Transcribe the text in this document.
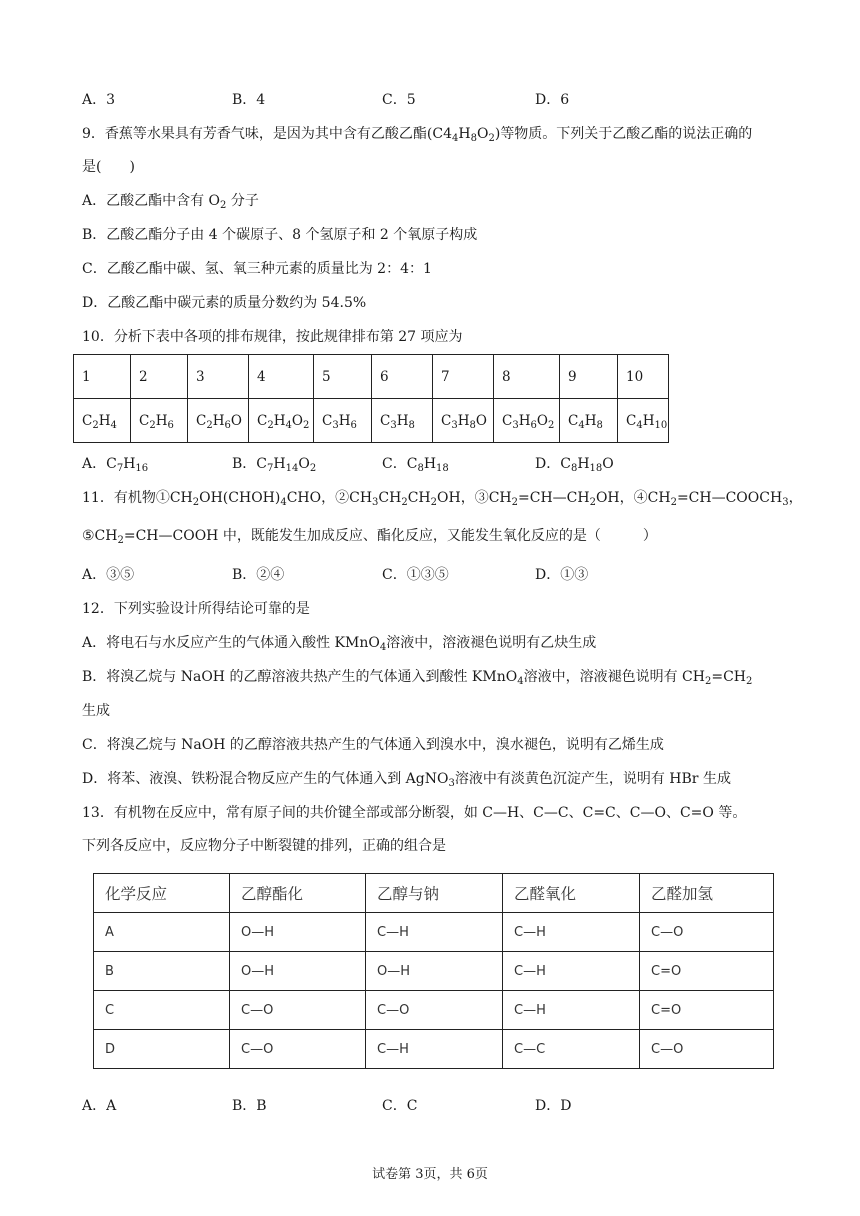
A．3	B．4	C．5	D．6
9．香蕉等水果具有芳香气味，是因为其中含有乙酸乙酯$(C4_4H_8O_2)$等物质。下列关于乙酸乙酯的说法正确的
是(　　)
A．乙酸乙酯中含有 $O_2$ 分子
B．乙酸乙酯分子由 4 个碳原子、8 个氢原子和 2 个氧原子构成
C．乙酸乙酯中碳、氢、氧三种元素的质量比为 2：4：1
D．乙酸乙酯中碳元素的质量分数约为 54.5%
10．分析下表中各项的排布规律，按此规律排布第 27 项应为
1	2	3	4	5	6	7	8	9	10
$C_2H_4$	$C_2H_6$	$C_2H_6O$	$C_2H_4O_2$	$C_3H_6$	$C_3H_8$	$C_3H_8O$	$C_3H_6O_2$	$C_4H_8$	$C_4H_{10}$
A．$C_7H_{16}$	B．$C_7H_{14}O_2$	C．$C_8H_{18}$	D．$C_8H_{18}O$
11．有机物$①CH_2OH(CHOH)_4CHO$，$②CH_3CH_2CH_2OH$，$③CH_2=CH—CH_2OH$，$④CH_2=CH—COOCH_3$，
$⑤CH_2=CH—COOH$ 中，既能发生加成反应、酯化反应，又能发生氧化反应的是（　　　）
A．③⑤	B．②④	C．①③⑤	D．①③
12．下列实验设计所得结论可靠的是
A．将电石与水反应产生的气体通入酸性 KMnO$_4$溶液中，溶液褪色说明有乙炔生成
B．将溴乙烷与 NaOH 的乙醇溶液共热产生的气体通入到酸性 KMnO$_4$溶液中，溶液褪色说明有 $CH_2=CH_2$
生成
C．将溴乙烷与 NaOH 的乙醇溶液共热产生的气体通入到溴水中，溴水褪色，说明有乙烯生成
D．将苯、液溴、铁粉混合物反应产生的气体通入到 AgNO$_3$溶液中有淡黄色沉淀产生，说明有 HBr 生成
13．有机物在反应中，常有原子间的共价键全部或部分断裂，如 C—H、C—C、C=C、C—O、C=O 等。
下列各反应中，反应物分子中断裂键的排列，正确的组合是
化学反应	乙醇酯化	乙醇与钠	乙醛氧化	乙醛加氢
A	O—H	C—H	C—H	C—O
B	O—H	O—H	C—H	C=O
C	C—O	C—O	C—H	C=O
D	C—O	C—H	C—C	C—O
A．A	B．B	C．C	D．D
试卷第 3页，共 6页
